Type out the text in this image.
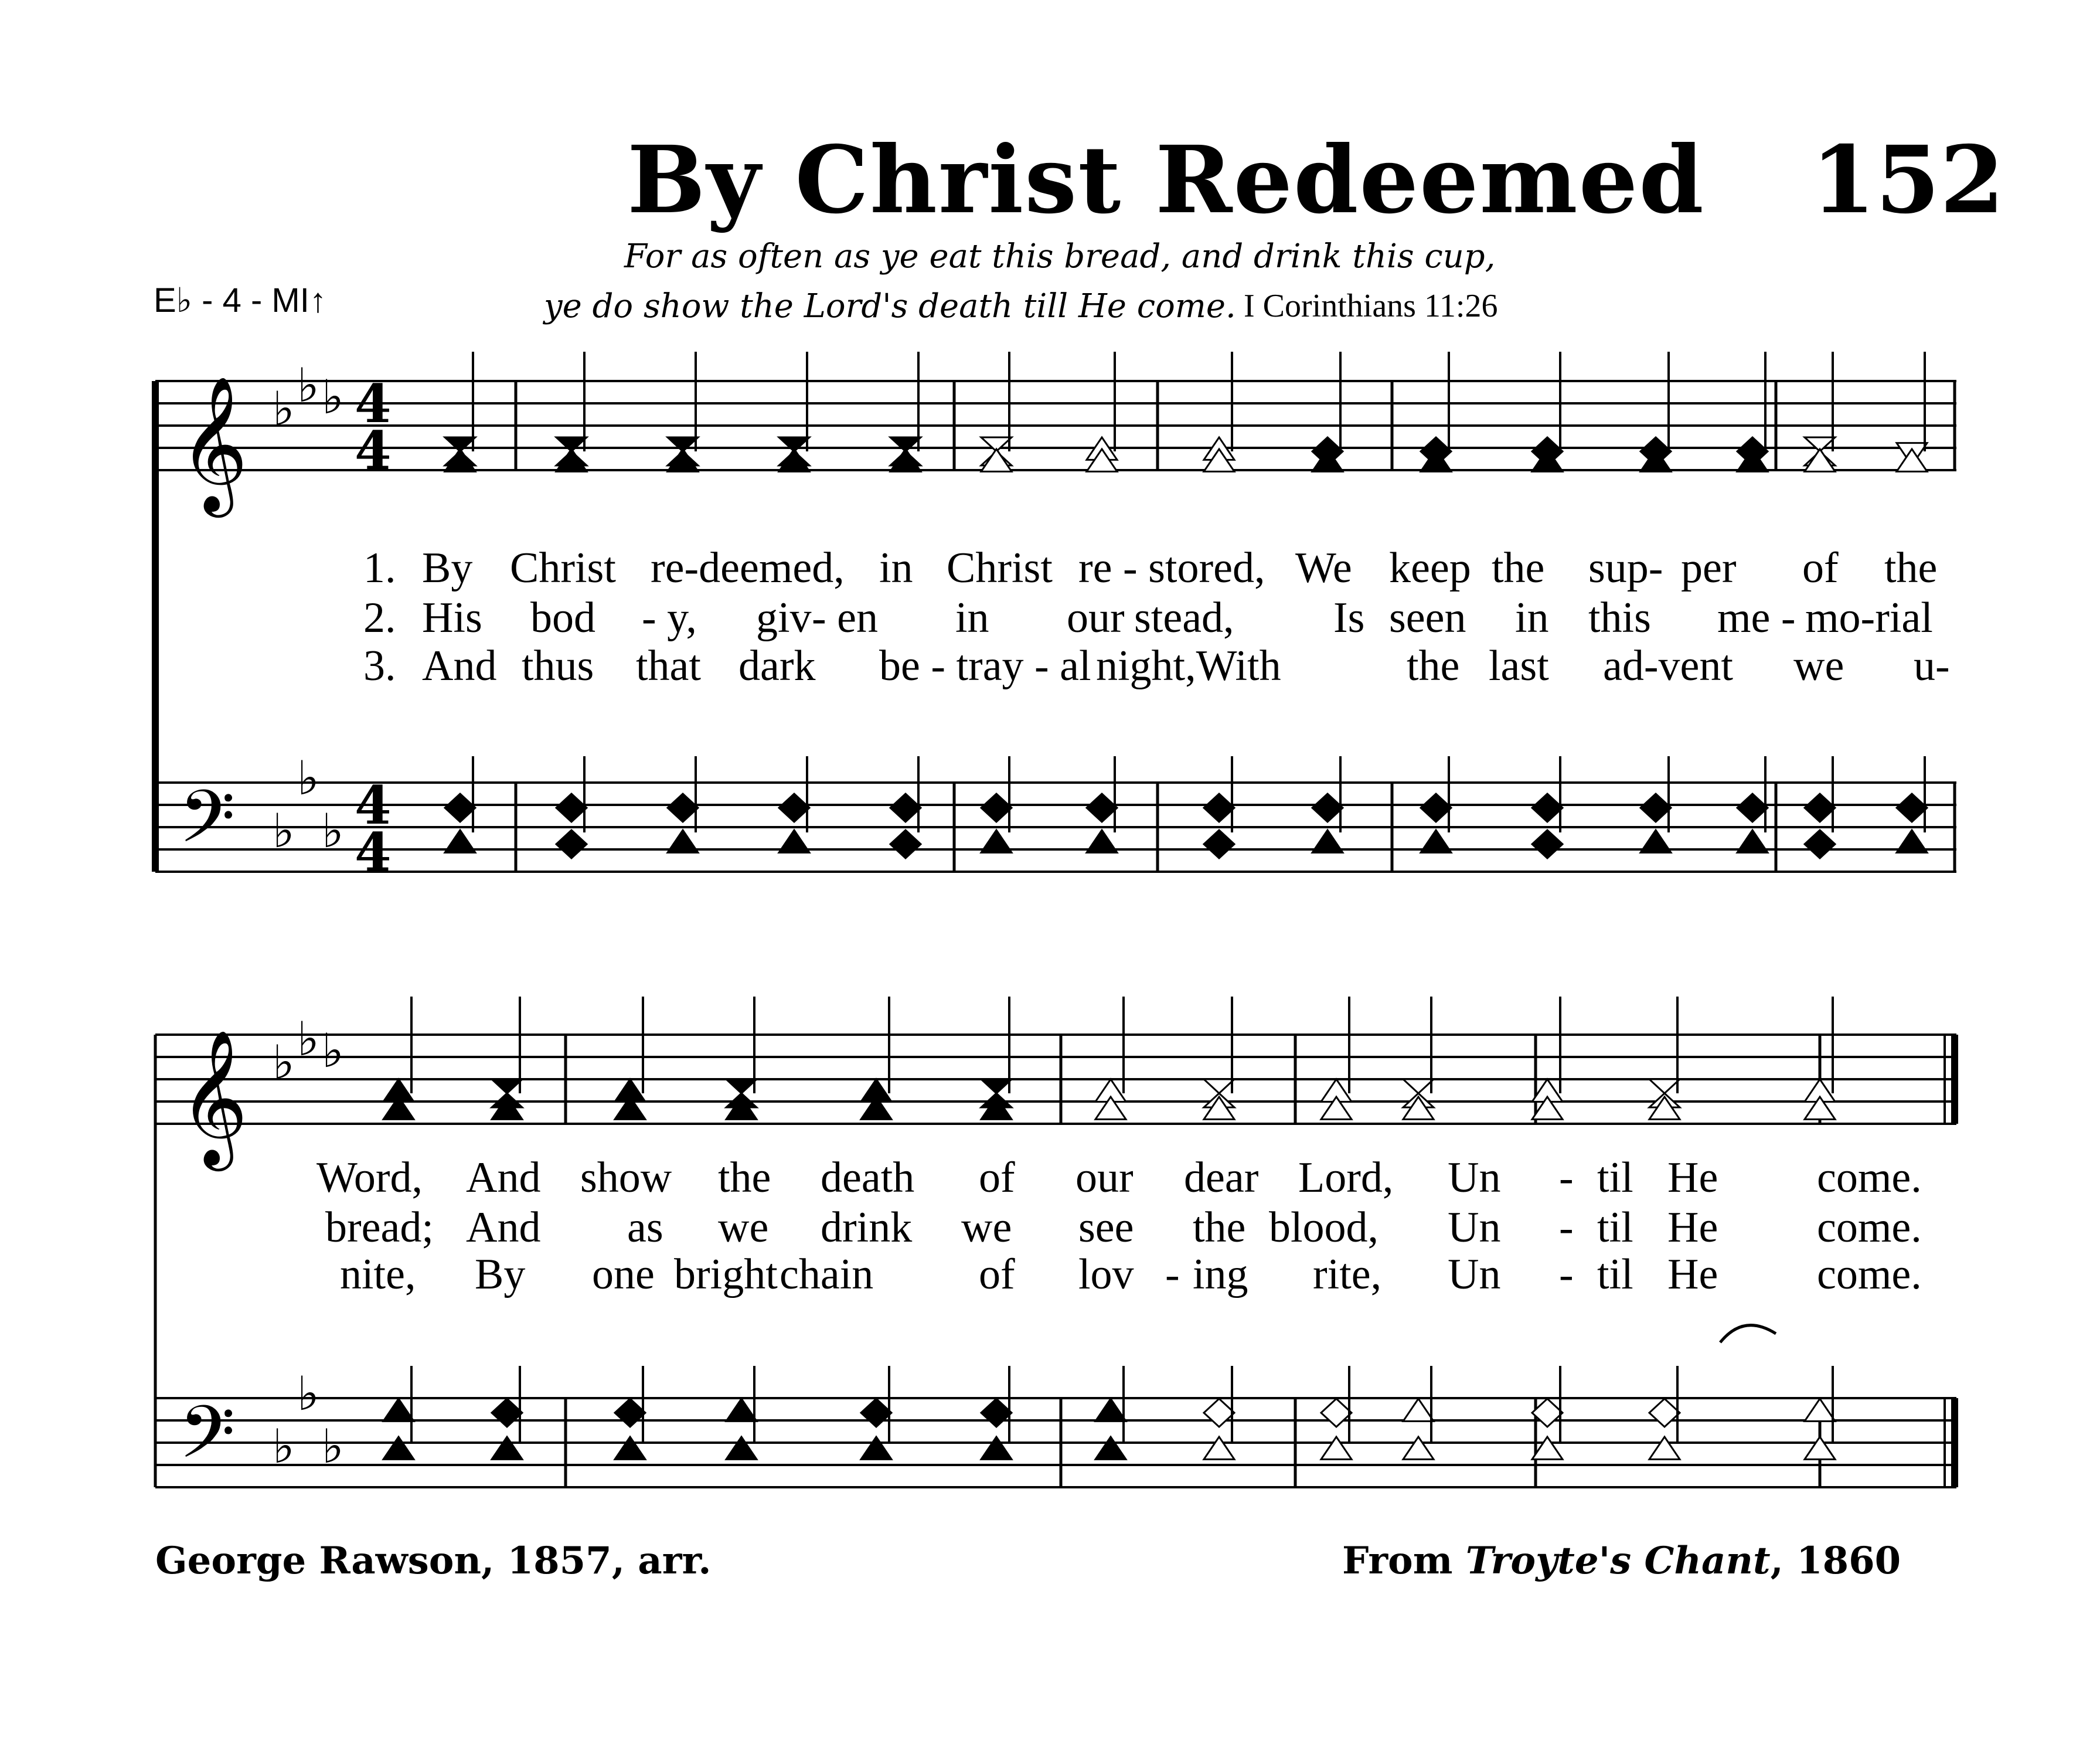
By Christ Redeemed 152
For as often as ye eat this bread, and drink this cup,
ye do show the Lord's death till He come. I Corinthians 11:26
E♭ - 4 - MI↑
𝄞
𝄢
♭ ♭ ♭
♭
♭
♭
4
4
4
4
𝄞
𝄢
♭ ♭ ♭
♭
♭
♭
1. By Christ re-deemed, in Christ re - stored, We keep the sup- per of the
2. His bod - y, giv - en in our stead, Is seen in this me - mo-rial
3. And thus that dark be - tray - al night,With	the last ad-vent we u-
Word, And show the death of our dear Lord, Un - til He come.
bread; And as we drink we see the blood, Un - til He come.
nite, By one bright chain of lov - ing rite, Un - til He come.
George Rawson, 1857, arr.	From Troyte's Chant, 1860
